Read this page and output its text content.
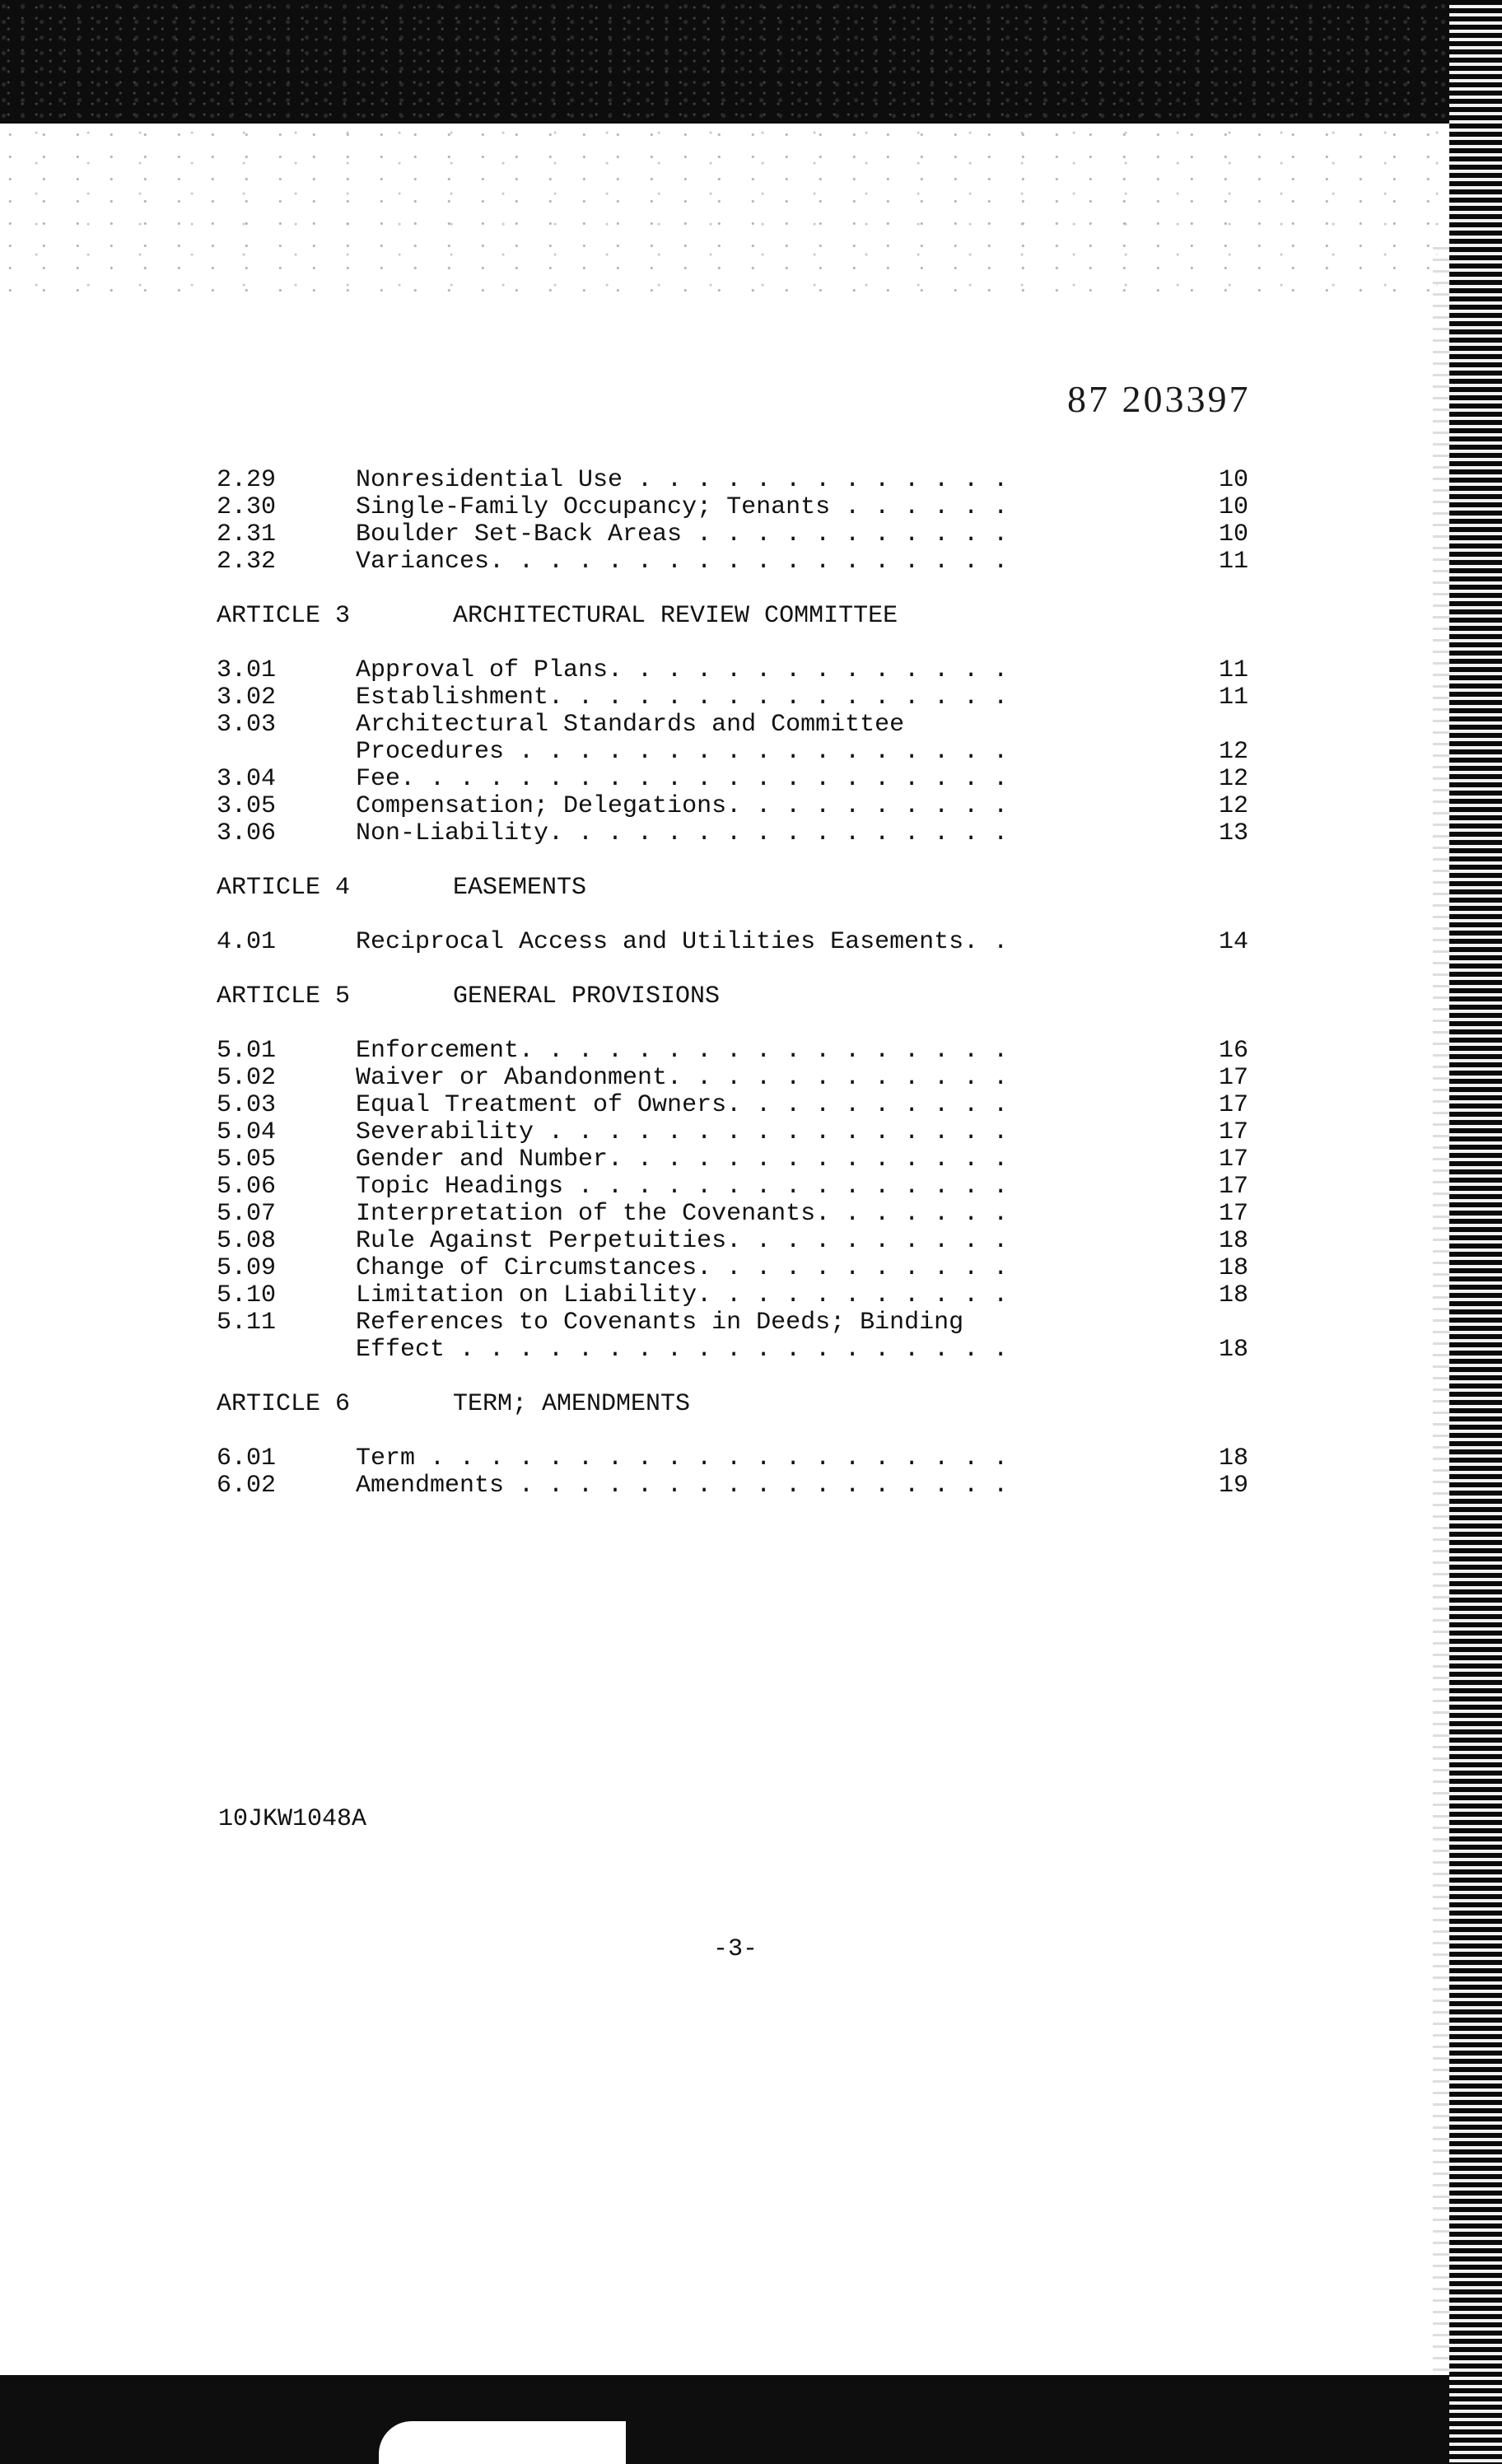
87 203397
2.29	Nonresidential Use . . . . . . . . . . . . .	10
2.30	Single-Family Occupancy; Tenants . . . . . .	10
2.31	Boulder Set-Back Areas . . . . . . . . . . .	10
2.32	Variances. . . . . . . . . . . . . . . . . .	11
ARTICLE 3	ARCHITECTURAL REVIEW COMMITTEE
3.01	Approval of Plans. . . . . . . . . . . . . .	11
3.02	Establishment. . . . . . . . . . . . . . . .	11
3.03	Architectural Standards and Committee
Procedures . . . . . . . . . . . . . . . . .	12
3.04	Fee. . . . . . . . . . . . . . . . . . . . .	12
3.05	Compensation; Delegations. . . . . . . . . .	12
3.06	Non-Liability. . . . . . . . . . . . . . . .	13
ARTICLE 4	EASEMENTS
4.01	Reciprocal Access and Utilities Easements. .	14
ARTICLE 5	GENERAL PROVISIONS
5.01	Enforcement. . . . . . . . . . . . . . . . .	16
5.02	Waiver or Abandonment. . . . . . . . . . . .	17
5.03	Equal Treatment of Owners. . . . . . . . . .	17
5.04	Severability . . . . . . . . . . . . . . . .	17
5.05	Gender and Number. . . . . . . . . . . . . .	17
5.06	Topic Headings . . . . . . . . . . . . . . .	17
5.07	Interpretation of the Covenants. . . . . . .	17
5.08	Rule Against Perpetuities. . . . . . . . . .	18
5.09	Change of Circumstances. . . . . . . . . . .	18
5.10	Limitation on Liability. . . . . . . . . . .	18
5.11	References to Covenants in Deeds; Binding
Effect . . . . . . . . . . . . . . . . . . .	18
ARTICLE 6	TERM; AMENDMENTS
6.01	Term . . . . . . . . . . . . . . . . . . . .	18
6.02	Amendments . . . . . . . . . . . . . . . . .	19
10JKW1048A
-3-
